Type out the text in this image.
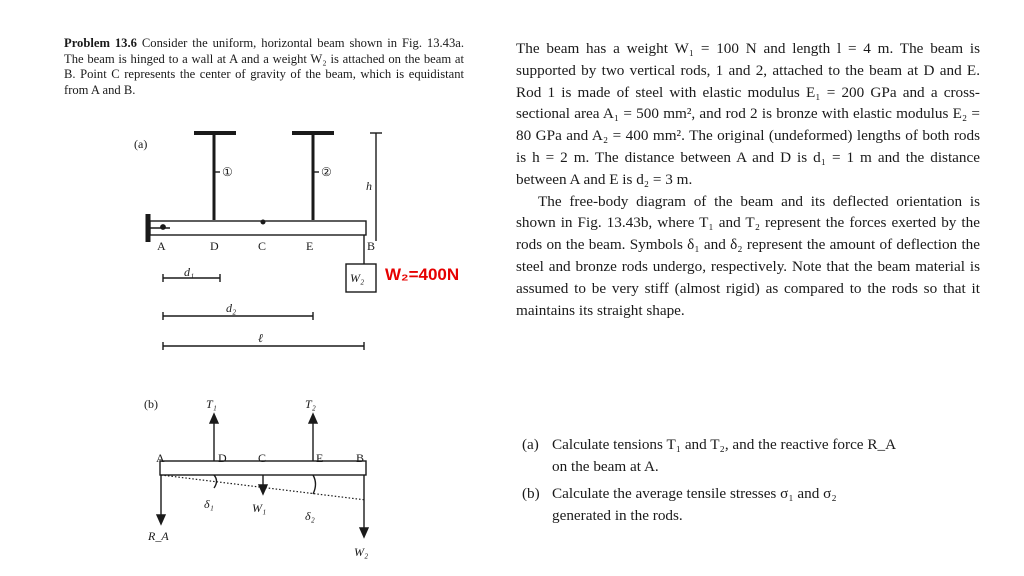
Problem 13.6 Consider the uniform, horizontal beam shown in Fig. 13.43a. The beam is hinged to a wall at A and a weight W₂ is attached on the beam at B. Point C represents the center of gravity of the beam, which is equidistant from A and B.
(a)
①	②
h
A	D	C	E	B
W₂
d₁
d₂
ℓ
(b)	T₁	T₂
A	D	C	E	B
δ₁	W₁
δ₂
R_A
W₂
W₂=400N

The beam has a weight W₁ = 100 N and length l = 4 m. The beam is supported by two vertical rods, 1 and 2, attached to the beam at D and E. Rod 1 is made of steel with elastic modulus E₁ = 200 GPa and a cross-sectional area A₁ = 500 mm², and rod 2 is bronze with elastic modulus E₂ = 80 GPa and A₂ = 400 mm². The original (undeformed) lengths of both rods is h = 2 m. The distance between A and D is d₁ = 1 m and the distance between A and E is d₂ = 3 m.

The free-body diagram of the beam and its deflected orientation is shown in Fig. 13.43b, where T₁ and T₂ represent the forces exerted by the rods on the beam. Symbols δ₁ and δ₂ represent the amount of deflection the steel and bronze rods undergo, respectively. Note that the beam material is assumed to be very stiff (almost rigid) as compared to the rods so that it maintains its straight shape.

(a) Calculate tensions T₁ and T₂, and the reactive force R_A
on the beam at A.
(b) Calculate the average tensile stresses σ₁ and σ₂
generated in the rods.
